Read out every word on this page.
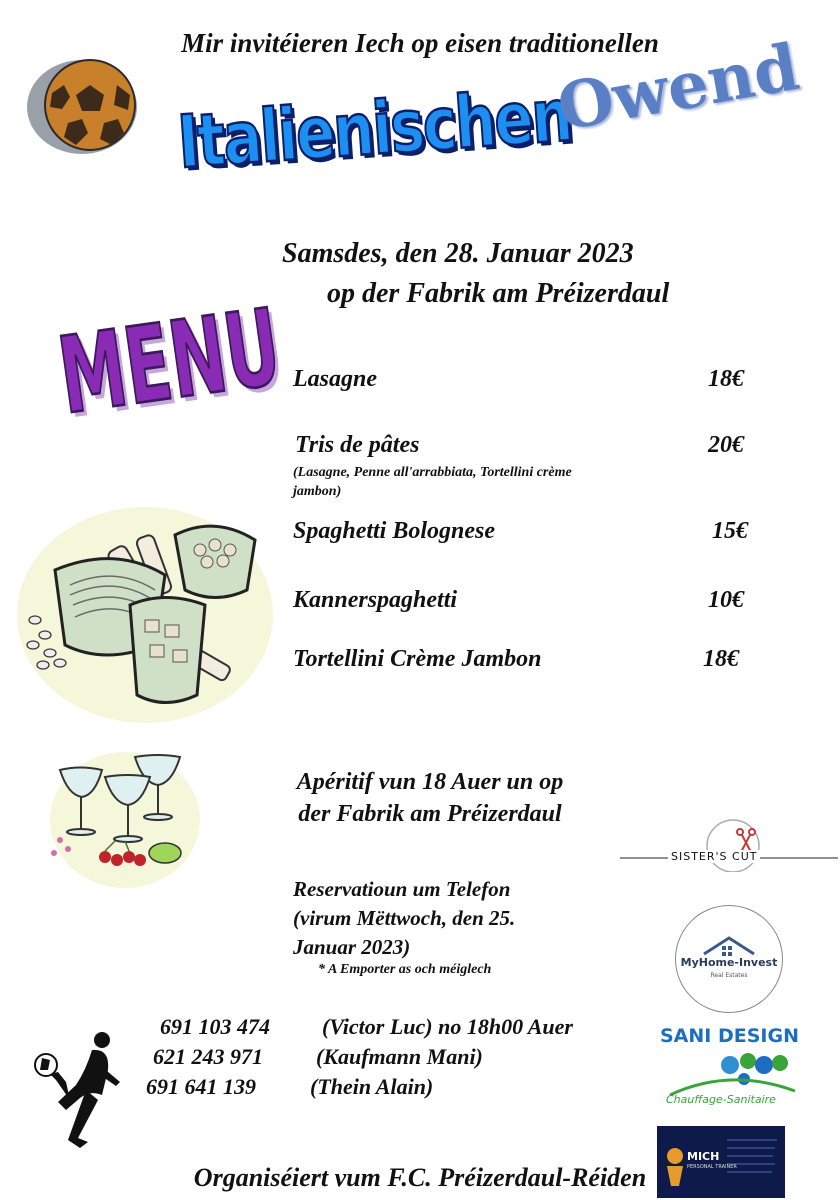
Mir invitéieren Iech op eisen traditionellen
Italienischen
Owend
Samsdes, den 28. Januar 2023
op der Fabrik am Préizerdaul
MENU Lasagne	18€
Tris de pâtes	20€
(Lasagne, Penne all'arrabbiata, Tortellini crème
jambon)
Spaghetti Bolognese	15€
Kannerspaghetti	10€
Tortellini Crème Jambon	18€
Apéritif vun 18 Auer un op
der Fabrik am Préizerdaul
Reservatioun um Telefon
(virum Mëttwoch, den 25.
Januar 2023)
* A Emporter as och méiglech
691 103 474 (Victor Luc) no 18h00 Auer
621 243 971 (Kaufmann Mani)
691 641 139 (Thein Alain)
SISTER'S CUT
MyHome-Invest
Real Estates
SANI DESIGN
Chauffage-Sanitaire
MICH
PERSONAL TRAINER
Organiséiert vum F.C. Préizerdaul-Réiden
